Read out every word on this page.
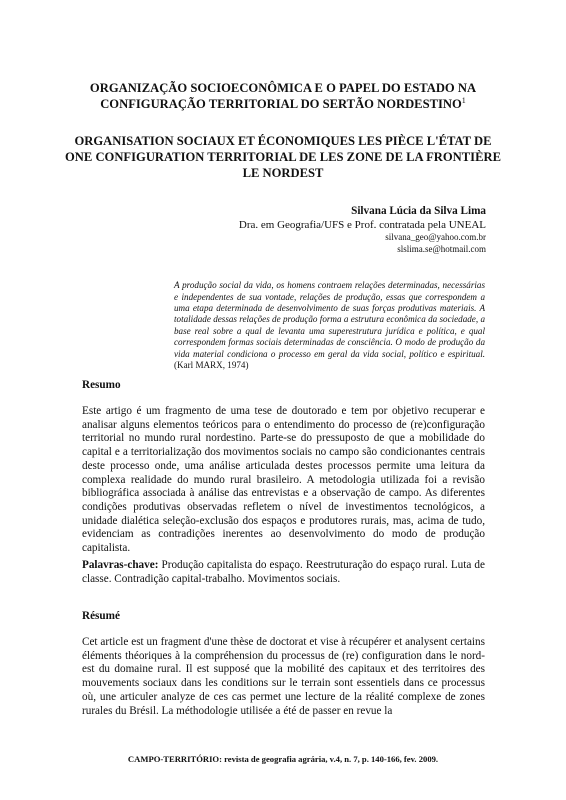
ORGANIZAÇÃO SOCIOECONÔMICA E O PAPEL DO ESTADO NA CONFIGURAÇÃO TERRITORIAL DO SERTÃO NORDESTINO$^1$
ORGANISATION SOCIAUX ET ÉCONOMIQUES LES PIÈCE L'ÉTAT DE ONE CONFIGURATION TERRITORIAL DE LES ZONE DE LA FRONTIÈRE LE NORDEST
Silvana Lúcia da Silva Lima
Dra. em Geografia/UFS e Prof. contratada pela UNEAL
silvana_geo@yahoo.com.br
slslima.se@hotmail.com

A produção social da vida, os homens contraem relações determinadas, necessárias e independentes de sua vontade, relações de produção, essas que correspondem a uma etapa determinada de desenvolvimento de suas forças produtivas materiais. A totalidade dessas relações de produção forma a estrutura econômica da sociedade, a base real sobre a qual de levanta uma superestrutura jurídica e política, e qual correspondem formas sociais determinadas de consciência. O modo de produção da vida material condiciona o processo em geral da vida social, político e espiritual. (Karl MARX, 1974)

Resumo

Este artigo é um fragmento de uma tese de doutorado e tem por objetivo recuperar e analisar alguns elementos teóricos para o entendimento do processo de (re)configuração territorial no mundo rural nordestino. Parte-se do pressuposto de que a mobilidade do capital e a territorialização dos movimentos sociais no campo são condicionantes centrais deste processo onde, uma análise articulada destes processos permite uma leitura da complexa realidade do mundo rural brasileiro. A metodologia utilizada foi a revisão bibliográfica associada à análise das entrevistas e a observação de campo. As diferentes condições produtivas observadas refletem o nível de investimentos tecnológicos, a unidade dialética seleção-exclusão dos espaços e produtores rurais, mas, acima de tudo, evidenciam as contradições inerentes ao desenvolvimento do modo de produção capitalista.

Palavras-chave: Produção capitalista do espaço. Reestruturação do espaço rural. Luta de classe. Contradição capital-trabalho. Movimentos sociais.

Résumé

Cet article est un fragment d'une thèse de doctorat et vise à récupérer et analysent certains éléments théoriques à la compréhension du processus de (re) configuration dans le nord-est du domaine rural. Il est supposé que la mobilité des capitaux et des territoires des mouvements sociaux dans les conditions sur le terrain sont essentiels dans ce processus où, une articuler analyze de ces cas permet une lecture de la réalité complexe de zones rurales du Brésil. La méthodologie utilisée a été de passer en revue la

CAMPO-TERRITÓRIO: revista de geografia agrária, v.4, n. 7, p. 140-166, fev. 2009.
